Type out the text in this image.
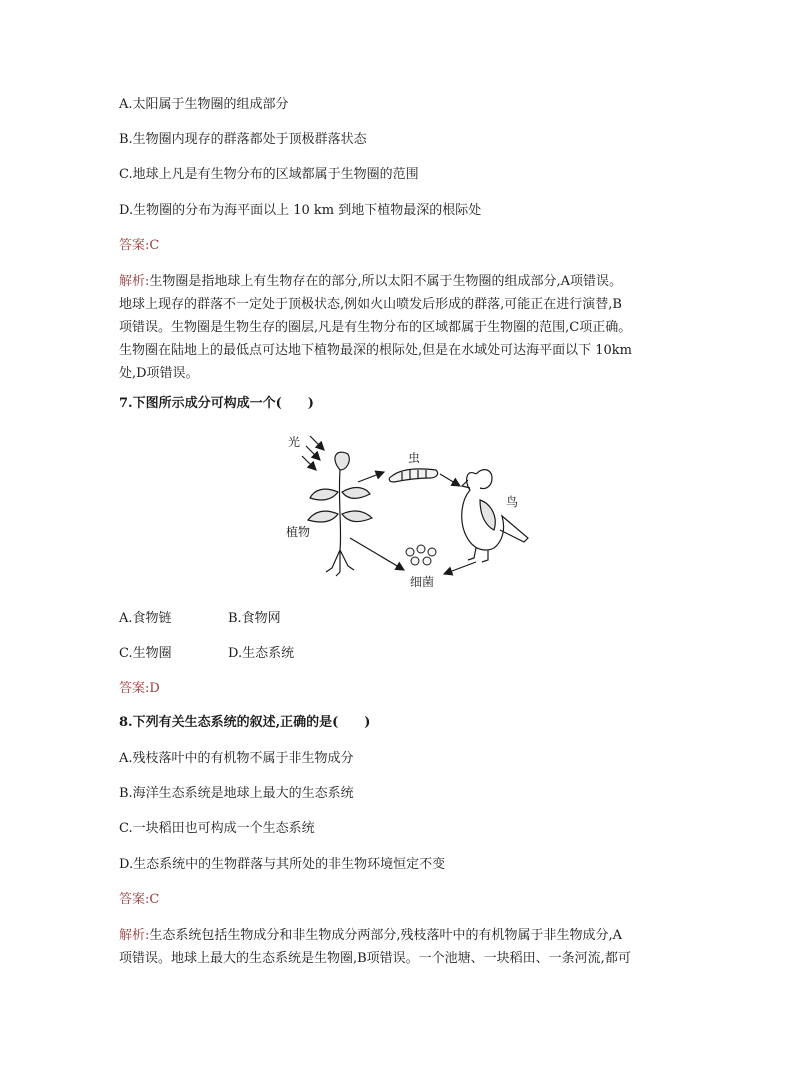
A.太阳属于生物圈的组成部分
B.生物圈内现存的群落都处于顶极群落状态
C.地球上凡是有生物分布的区域都属于生物圈的范围
D.生物圈的分布为海平面以上 10 km 到地下植物最深的根际处
答案:C
解析:生物圈是指地球上有生物存在的部分,所以太阳不属于生物圈的组成部分,A项错误。
地球上现存的群落不一定处于顶极状态,例如火山喷发后形成的群落,可能正在进行演替,B
项错误。生物圈是生物生存的圈层,凡是有生物分布的区域都属于生物圈的范围,C项正确。
生物圈在陆地上的最低点可达地下植物最深的根际处,但是在水域处可达海平面以下 10km
处,D项错误。
7.下图所示成分可构成一个(　　)
光
植物
虫
鸟
细菌
A.食物链	B.食物网
C.生物圈	D.生态系统
答案:D
8.下列有关生态系统的叙述,正确的是(　　)
A.残枝落叶中的有机物不属于非生物成分
B.海洋生态系统是地球上最大的生态系统
C.一块稻田也可构成一个生态系统
D.生态系统中的生物群落与其所处的非生物环境恒定不变
答案:C
解析:生态系统包括生物成分和非生物成分两部分,残枝落叶中的有机物属于非生物成分,A
项错误。地球上最大的生态系统是生物圈,B项错误。一个池塘、一块稻田、一条河流,都可
